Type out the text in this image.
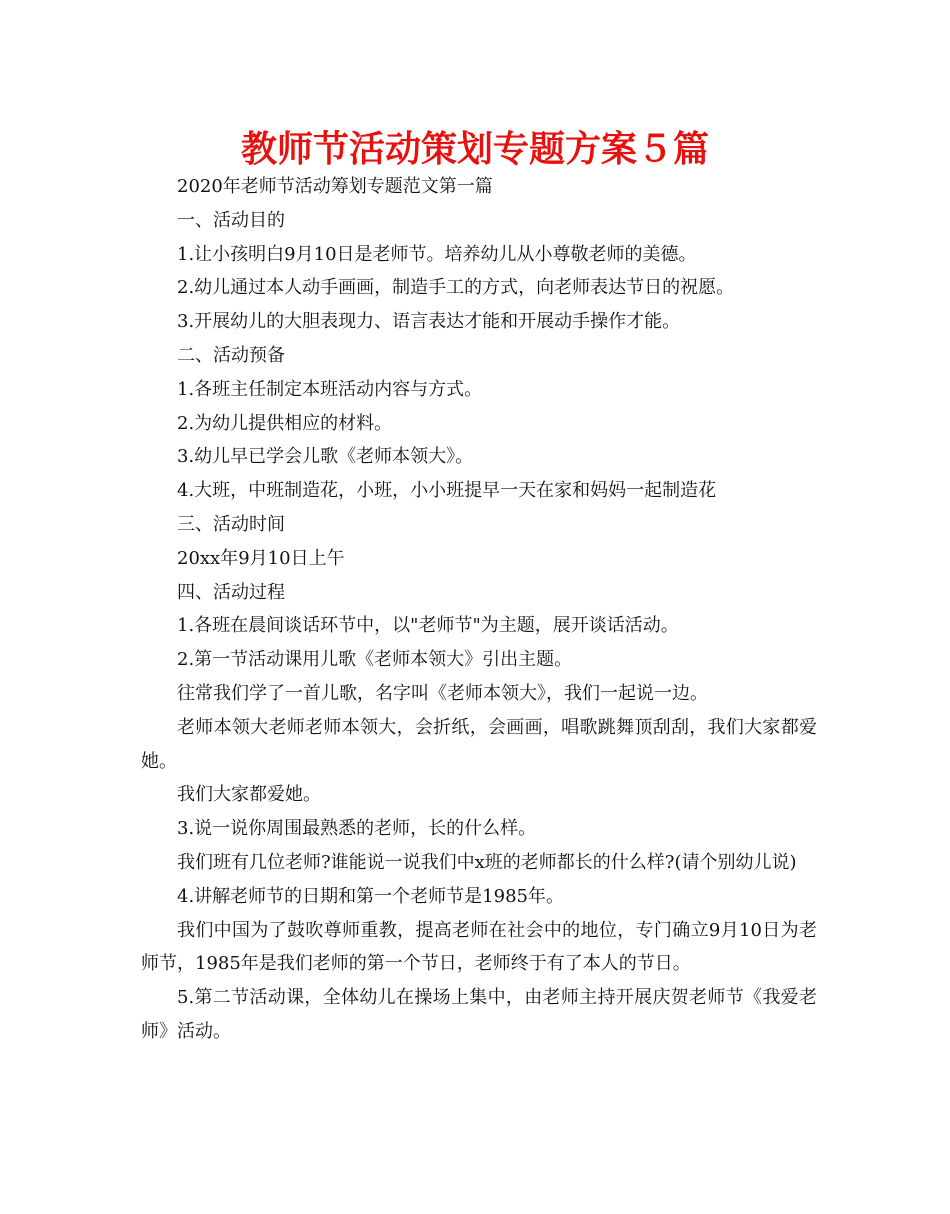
教师节活动策划专题方案５篇

2020年老师节活动筹划专题范文第一篇

一、活动目的

1.让小孩明白9月10日是老师节。培养幼儿从小尊敬老师的美德。

2.幼儿通过本人动手画画，制造手工的方式，向老师表达节日的祝愿。

3.开展幼儿的大胆表现力、语言表达才能和开展动手操作才能。

二、活动预备

1.各班主任制定本班活动内容与方式。

2.为幼儿提供相应的材料。

3.幼儿早已学会儿歌《老师本领大》。

4.大班，中班制造花，小班，小小班提早一天在家和妈妈一起制造花

三、活动时间

20xx年9月10日上午

四、活动过程

1.各班在晨间谈话环节中，以"老师节"为主题，展开谈话活动。

2.第一节活动课用儿歌《老师本领大》引出主题。

往常我们学了一首儿歌，名字叫《老师本领大》，我们一起说一边。

老师本领大老师老师本领大，会折纸，会画画，唱歌跳舞顶刮刮，我们大家都爱她。

我们大家都爱她。

3.说一说你周围最熟悉的老师，长的什么样。

我们班有几位老师?谁能说一说我们中x班的老师都长的什么样?(请个别幼儿说)

4.讲解老师节的日期和第一个老师节是1985年。

我们中国为了鼓吹尊师重教，提高老师在社会中的地位，专门确立9月10日为老师节，1985年是我们老师的第一个节日，老师终于有了本人的节日。

5.第二节活动课，全体幼儿在操场上集中，由老师主持开展庆贺老师节《我爱老师》活动。
